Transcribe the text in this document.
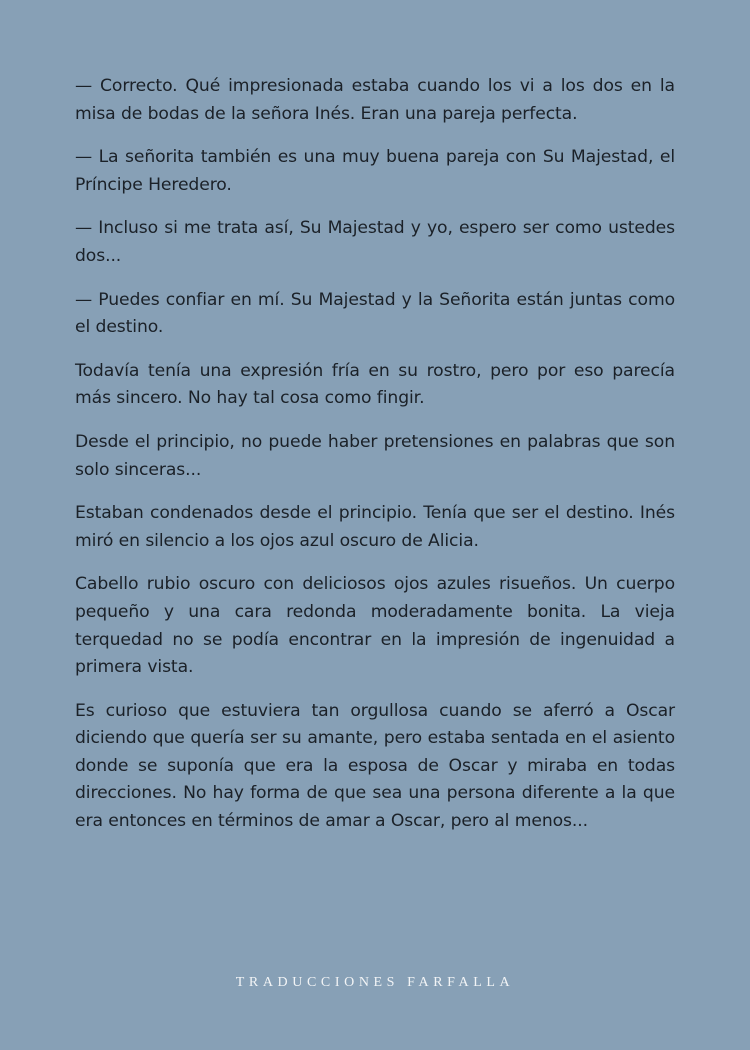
— Correcto. Qué impresionada estaba cuando los vi a los dos en la misa de bodas de la señora Inés. Eran una pareja perfecta.

— La señorita también es una muy buena pareja con Su Majestad, el Príncipe Heredero.

— Incluso si me trata así, Su Majestad y yo, espero ser como ustedes dos...

— Puedes confiar en mí. Su Majestad y la Señorita están juntas como el destino.

Todavía tenía una expresión fría en su rostro, pero por eso parecía más sincero. No hay tal cosa como fingir.

Desde el principio, no puede haber pretensiones en palabras que son solo sinceras...

Estaban condenados desde el principio. Tenía que ser el destino. Inés miró en silencio a los ojos azul oscuro de Alicia.

Cabello rubio oscuro con deliciosos ojos azules risueños. Un cuerpo pequeño y una cara redonda moderadamente bonita. La vieja terquedad no se podía encontrar en la impresión de ingenuidad a primera vista.

Es curioso que estuviera tan orgullosa cuando se aferró a Oscar diciendo que quería ser su amante, pero estaba sentada en el asiento donde se suponía que era la esposa de Oscar y miraba en todas direcciones. No hay forma de que sea una persona diferente a la que era entonces en términos de amar a Oscar, pero al menos...

TRADUCCIONES FARFALLA
